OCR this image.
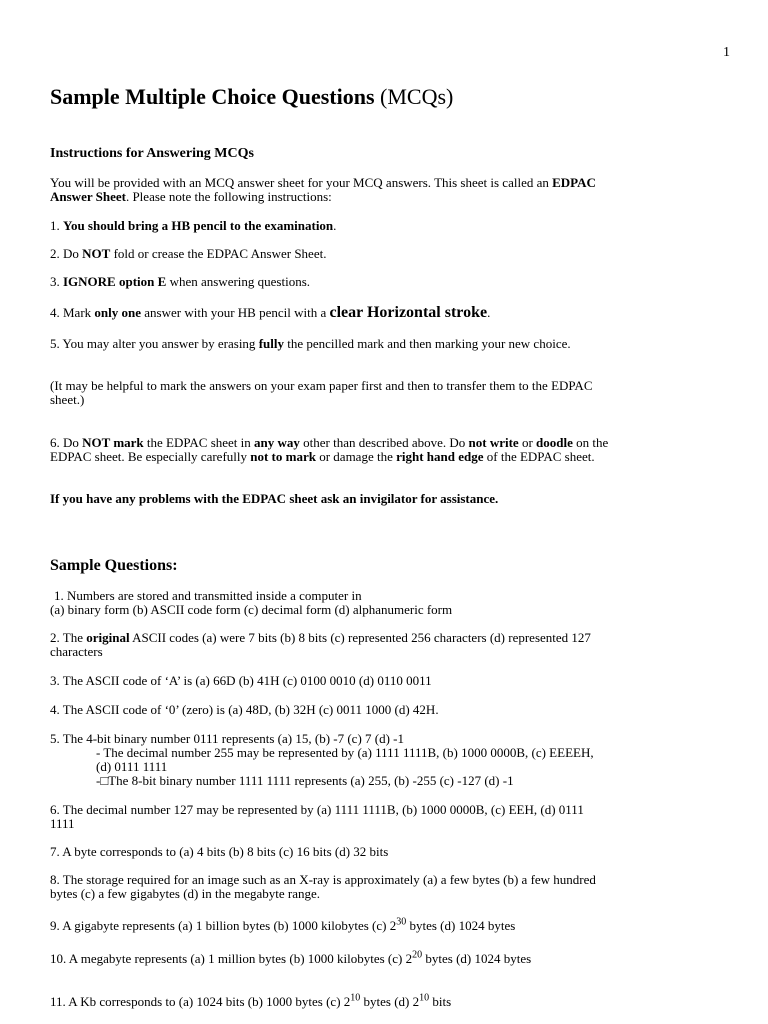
1
Sample Multiple Choice Questions (MCQs)
Instructions for Answering MCQs

You will be provided with an MCQ answer sheet for your MCQ answers. This sheet is called an EDPAC Answer Sheet. Please note the following instructions:

1. You should bring a HB pencil to the examination.

2. Do NOT fold or crease the EDPAC Answer Sheet.

3. IGNORE option E when answering questions.

4. Mark only one answer with your HB pencil with a clear Horizontal stroke.

5. You may alter you answer by erasing fully the pencilled mark and then marking your new choice.

(It may be helpful to mark the answers on your exam paper first and then to transfer them to the EDPAC sheet.)

6. Do NOT mark the EDPAC sheet in any way other than described above. Do not write or doodle on the EDPAC sheet. Be especially carefully not to mark or damage the right hand edge of the EDPAC sheet.

If you have any problems with the EDPAC sheet ask an invigilator for assistance.

Sample Questions:
1. Numbers are stored and transmitted inside a computer in
(a) binary form (b) ASCII code form (c) decimal form (d) alphanumeric form

2. The original ASCII codes (a) were 7 bits (b) 8 bits (c) represented 256 characters (d) represented 127 characters

3. The ASCII code of ‘A’ is (a) 66D (b) 41H (c) 0100 0010 (d) 0110 0011

4. The ASCII code of ‘0’ (zero) is (a) 48D, (b) 32H (c) 0011 1000 (d) 42H.

5. The 4-bit binary number 0111 represents (a) 15, (b) -7 (c) 7 (d) -1
- The decimal number 255 may be represented by (a) 1111 1111B, (b) 1000 0000B, (c) EEEEH, (d) 0111 1111
-□The 8-bit binary number 1111 1111 represents (a) 255, (b) -255 (c) -127 (d) -1

6. The decimal number 127 may be represented by (a) 1111 1111B, (b) 1000 0000B, (c) EEH, (d) 0111 1111

7. A byte corresponds to (a) 4 bits (b) 8 bits (c) 16 bits (d) 32 bits

8. The storage required for an image such as an X-ray is approximately (a) a few bytes (b) a few hundred bytes (c) a few gigabytes (d) in the megabyte range.

9. A gigabyte represents (a) 1 billion bytes (b) 1000 kilobytes (c) $2^{30}$ bytes (d) 1024 bytes

10. A megabyte represents (a) 1 million bytes (b) 1000 kilobytes (c) $2^{20}$ bytes (d) 1024 bytes

11. A Kb corresponds to (a) 1024 bits (b) 1000 bytes (c) $2^{10}$ bytes (d) $2^{10}$ bits
